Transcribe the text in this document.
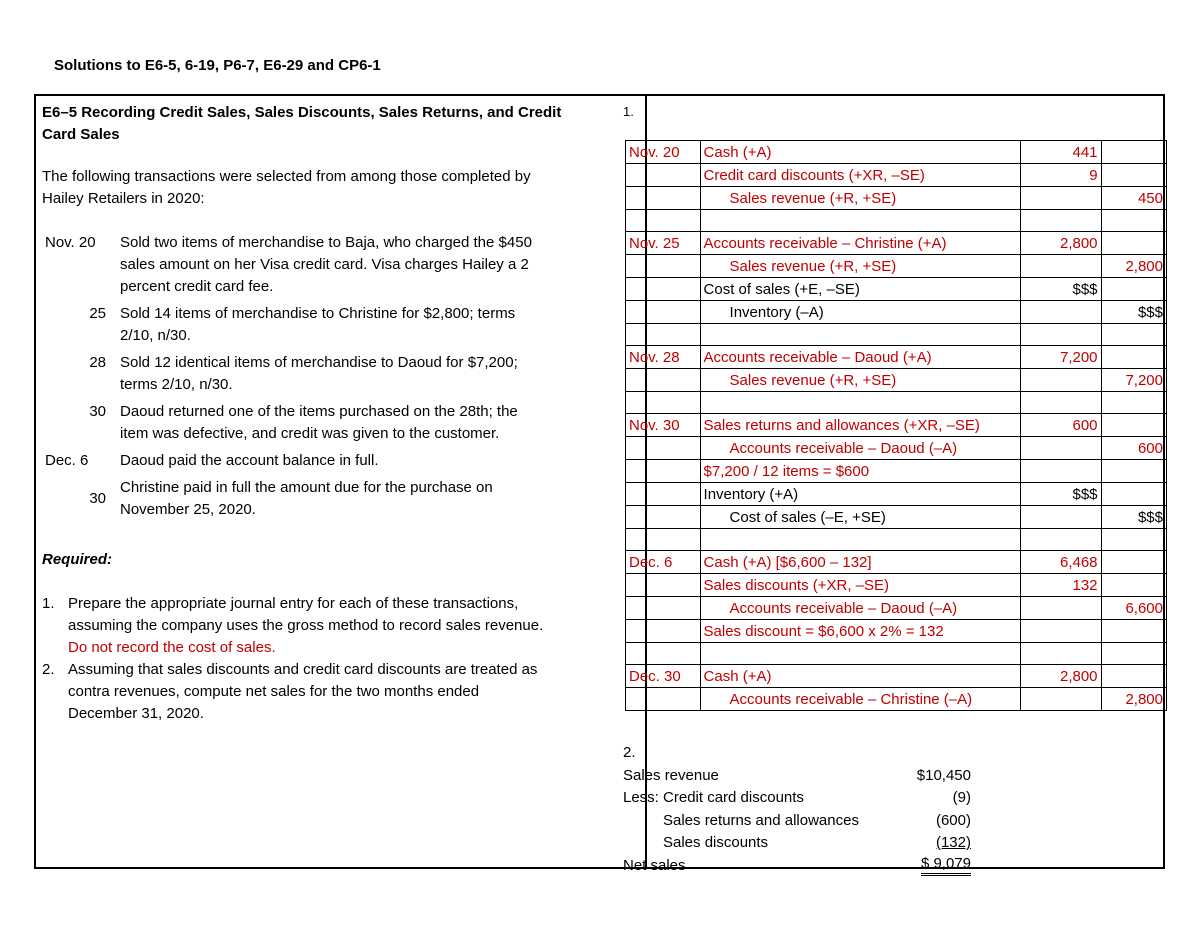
Solutions to E6-5, 6-19, P6-7, E6-29 and CP6-1
E6–5 Recording Credit Sales, Sales Discounts, Sales Returns, and Credit
Card Sales
The following transactions were selected from among those completed by
Hailey Retailers in 2020:
Nov. 20	Sold two items of merchandise to Baja, who charged the $450
sales amount on her Visa credit card. Visa charges Hailey a 2
percent credit card fee.
25 Sold 14 items of merchandise to Christine for $2,800; terms
2/10, n/30.
28 Sold 12 identical items of merchandise to Daoud for $7,200;
terms 2/10, n/30.
30 Daoud returned one of the items purchased on the 28th; the
item was defective, and credit was given to the customer.
Dec. 6	Daoud paid the account balance in full.
30
Christine paid in full the amount due for the purchase on
November 25, 2020.
Required:
1. Prepare the appropriate journal entry for each of these transactions,
assuming the company uses the gross method to record sales revenue.
Do not record the cost of sales.
2. Assuming that sales discounts and credit card discounts are treated as
contra revenues, compute net sales for the two months ended
December 31, 2020.
1.
Nov. 20	Cash (+A)	441	
	Credit card discounts (+XR, –SE)	9	
	Sales revenue (+R, +SE)		450

Nov. 25	Accounts receivable – Christine (+A)	2,800	
	Sales revenue (+R, +SE)		2,800
	Cost of sales (+E, –SE)	$$$	
	Inventory (–A)		$$$

Nov. 28	Accounts receivable – Daoud (+A)	7,200	
	Sales revenue (+R, +SE)		7,200

Nov. 30	Sales returns and allowances (+XR, –SE)	600	
	Accounts receivable – Daoud (–A)		600
	$7,200 / 12 items = $600		
	Inventory (+A)	$$$	
	Cost of sales (–E, +SE)		$$$

Dec. 6	Cash (+A) [$6,600 – 132]	6,468	
	Sales discounts (+XR, –SE)	132	
	Accounts receivable – Daoud (–A)		6,600
	Sales discount = $6,600 x 2% = 132		

Dec. 30	Cash (+A)	2,800	
	Accounts receivable – Christine (–A)		2,800
2.
Sales revenue	$10,450
Less: Credit card discounts	(9)
Sales returns and allowances	(600)
Sales discounts	(132)
Net sales	$ 9,079
